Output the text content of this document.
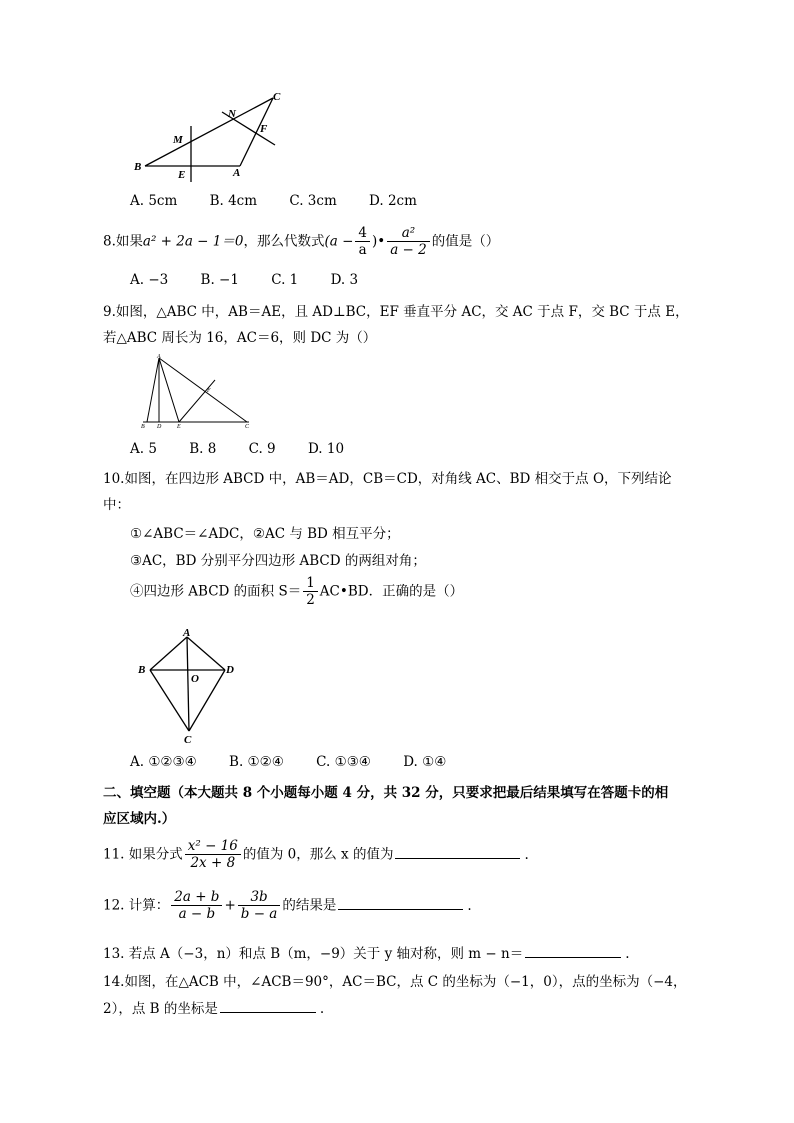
C
N
F
M
B
E	A
A. 5cm B. 4cm C. 3cm D. 2cm
8.如果a² + 2a − 1＝0，那么代数式($a - \frac{4}{a}$ )• $\frac{\text{a²}}{a - 2}$ 的值是（）
A. −3 B. −1 C. 1 D. 3
9.如图，△ABC 中，AB＝AE，且 AD⊥BC，EF 垂直平分 AC，交 AC 于点 F，交 BC 于点 E，
若△ABC 周长为 16，AC＝6，则 DC 为（）
A
F
B D	E	C
A. 5 B. 8 C. 9 D. 10
10.如图，在四边形 ABCD 中，AB＝AD，CB＝CD，对角线 AC、BD 相交于点 O，下列结论
中：
①∠ABC＝∠ADC，②AC 与 BD 相互平分；
③AC，BD 分别平分四边形 ABCD 的两组对角；
④四边形 ABCD 的面积 $S= \frac{1}{2}$ AC•BD．正确的是（）
A
B
O
D
C
A. ①②③④ B. ①②④ C. ①③④ D. ①④
二、填空题（本大题共 8 个小题每小题 4 分，共 32 分，只要求把最后结果填写在答题卡的相
应区域内.）
11. 如果分式 $\frac{\text{x² − 16}}{2x + 8}$ 的值为 0，那么 x 的值为	.
12. 计算： $\frac{2a + b}{a - b} + \frac{3b}{b - a}$ 的结果是	.
13. 若点 A（−3，n）和点 B（m，−9）关于 y 轴对称，则 m − n＝	.
14.如图，在△ACB 中，∠ACB＝90°，AC＝BC，点 C 的坐标为（−1，0），点的坐标为（−4，
2），点 B 的坐标是	.
